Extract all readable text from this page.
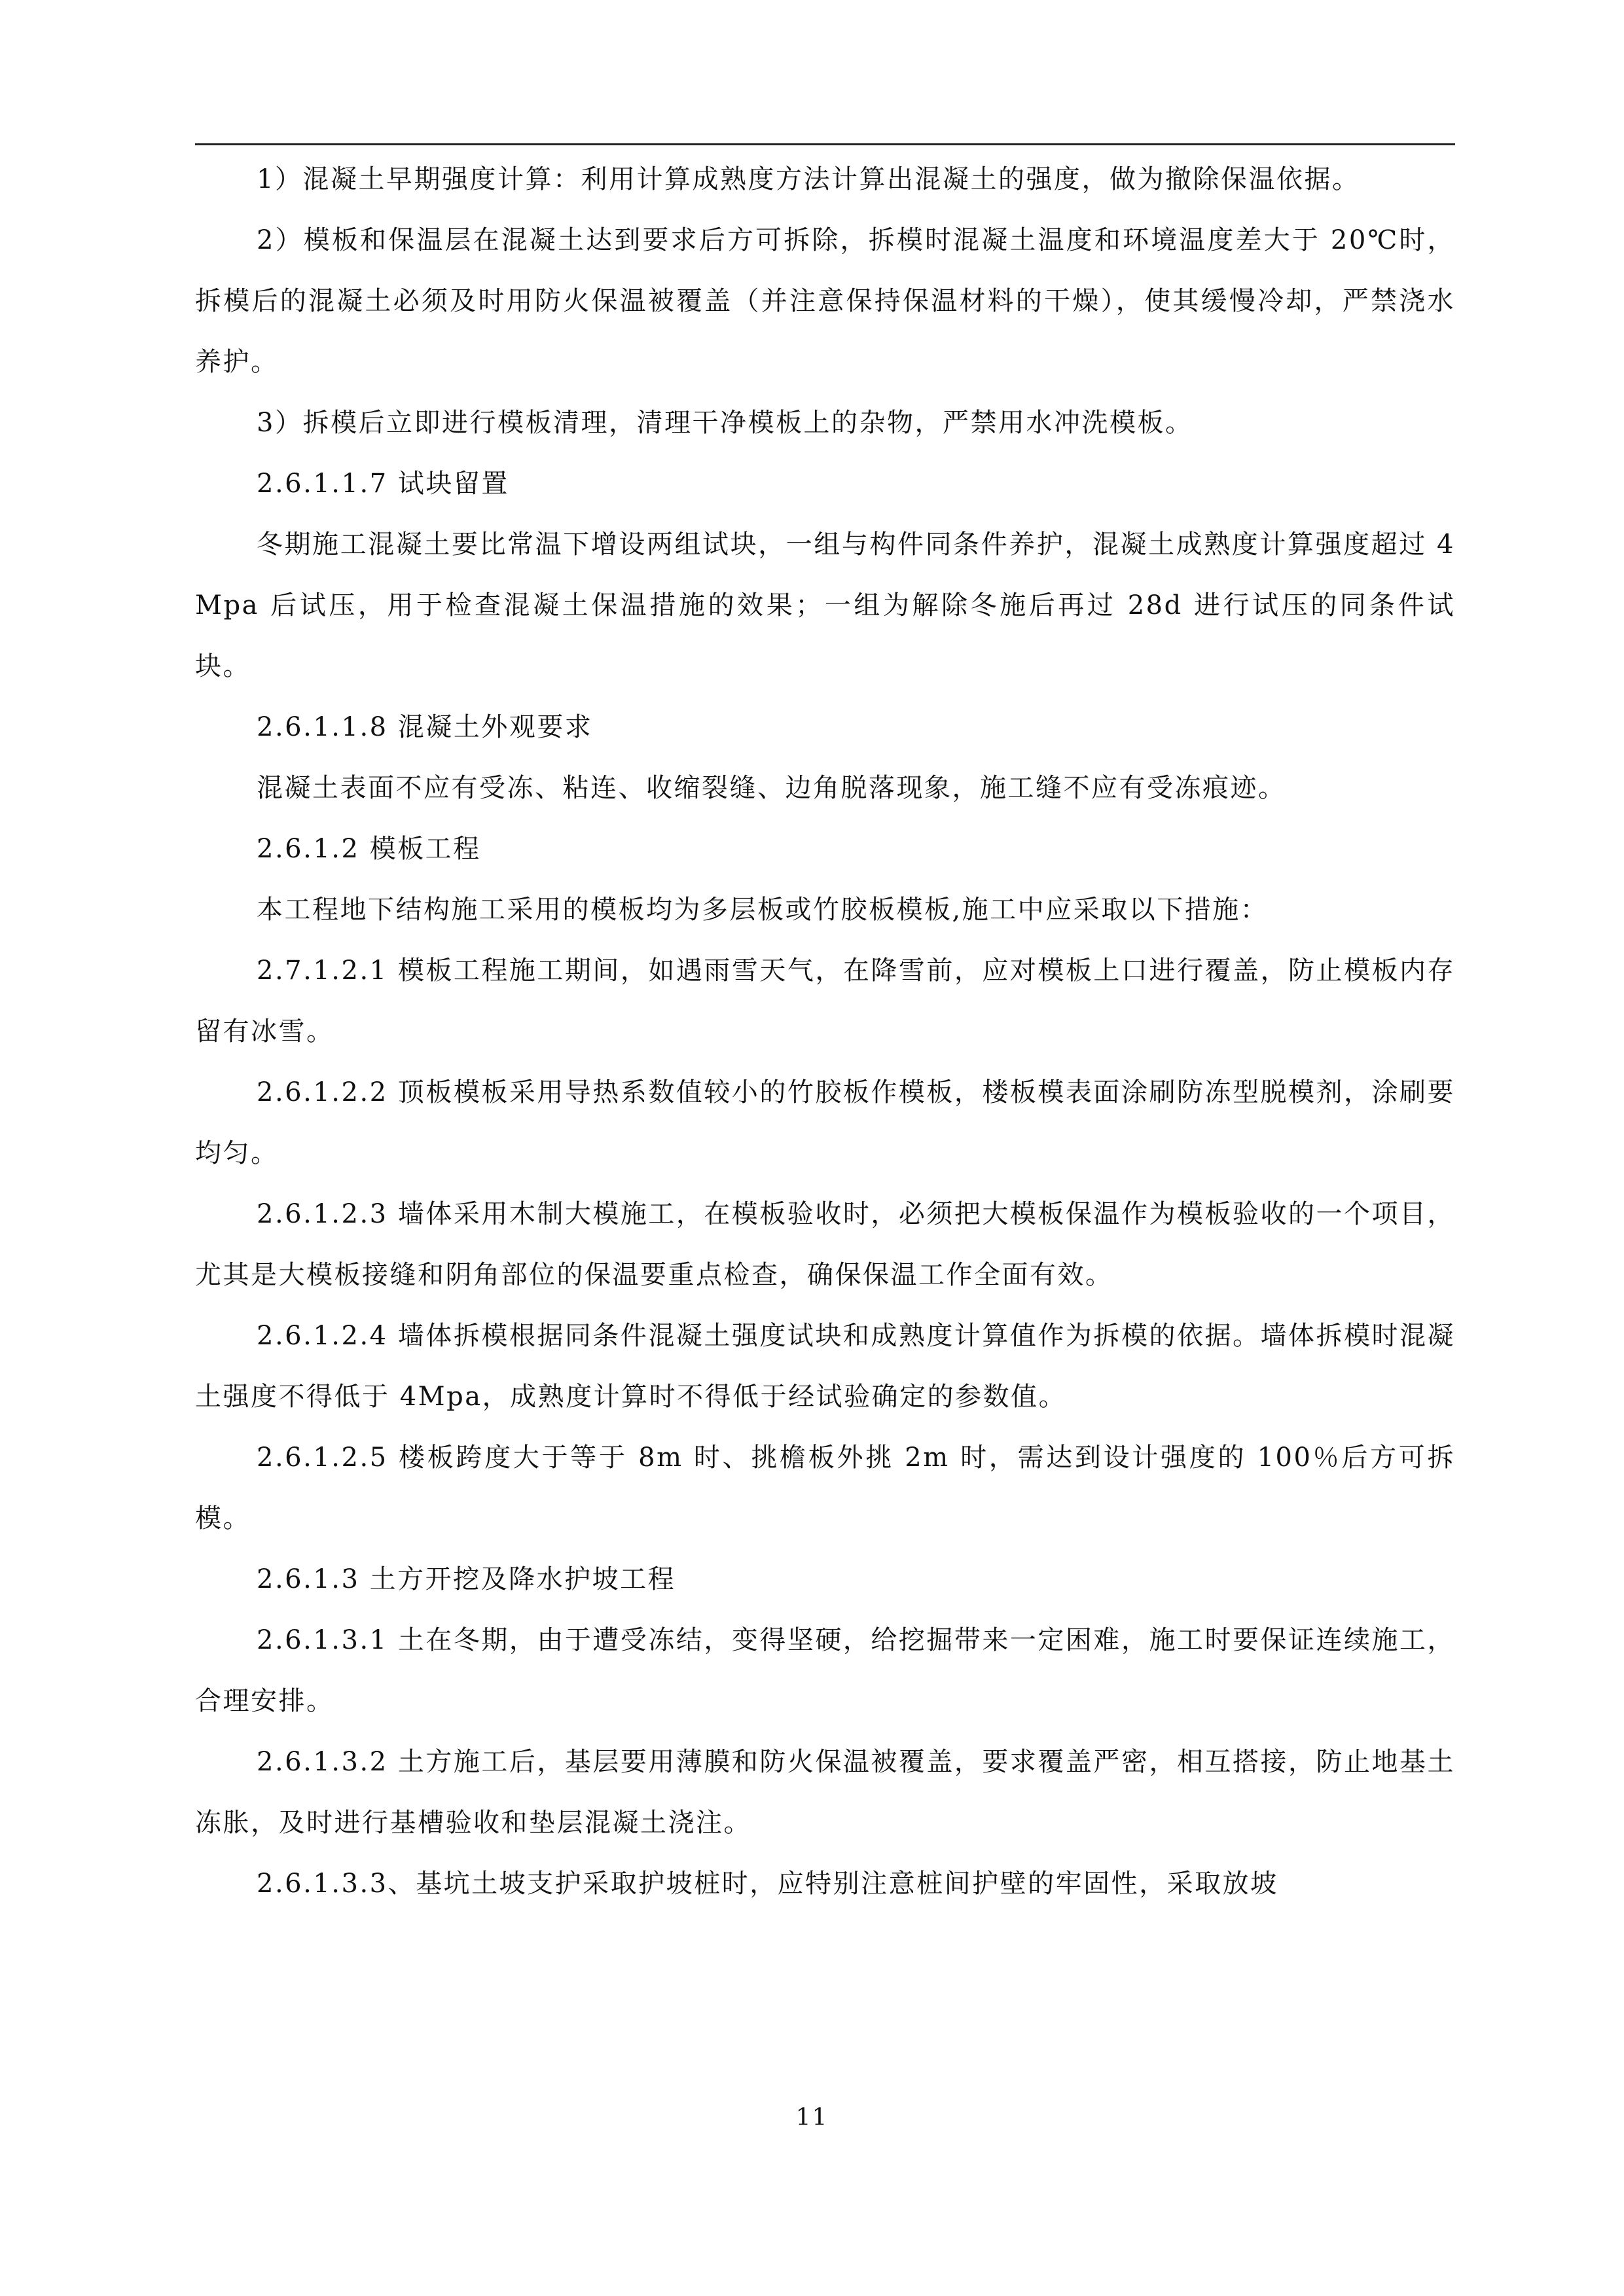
1）混凝土早期强度计算：利用计算成熟度方法计算出混凝土的强度，做为撤除保温依据。

2）模板和保温层在混凝土达到要求后方可拆除，拆模时混凝土温度和环境温度差大于 20℃时，拆模后的混凝土必须及时用防火保温被覆盖（并注意保持保温材料的干燥），使其缓慢冷却，严禁浇水养护。

3）拆模后立即进行模板清理，清理干净模板上的杂物，严禁用水冲洗模板。

2.6.1.1.7 试块留置

冬期施工混凝土要比常温下增设两组试块，一组与构件同条件养护，混凝土成熟度计算强度超过 4Mpa 后试压，用于检查混凝土保温措施的效果；一组为解除冬施后再过 28d 进行试压的同条件试块。

2.6.1.1.8 混凝土外观要求

混凝土表面不应有受冻、粘连、收缩裂缝、边角脱落现象，施工缝不应有受冻痕迹。

2.6.1.2 模板工程

本工程地下结构施工采用的模板均为多层板或竹胶板模板,施工中应采取以下措施：

2.7.1.2.1 模板工程施工期间，如遇雨雪天气，在降雪前，应对模板上口进行覆盖，防止模板内存留有冰雪。

2.6.1.2.2 顶板模板采用导热系数值较小的竹胶板作模板，楼板模表面涂刷防冻型脱模剂，涂刷要均匀。

2.6.1.2.3 墙体采用木制大模施工，在模板验收时，必须把大模板保温作为模板验收的一个项目，尤其是大模板接缝和阴角部位的保温要重点检查，确保保温工作全面有效。

2.6.1.2.4 墙体拆模根据同条件混凝土强度试块和成熟度计算值作为拆模的依据。墙体拆模时混凝土强度不得低于 4Mpa，成熟度计算时不得低于经试验确定的参数值。

2.6.1.2.5 楼板跨度大于等于 8m 时、挑檐板外挑 2m 时，需达到设计强度的 100％后方可拆模。

2.6.1.3 土方开挖及降水护坡工程

2.6.1.3.1 土在冬期，由于遭受冻结，变得坚硬，给挖掘带来一定困难，施工时要保证连续施工，合理安排。

2.6.1.3.2 土方施工后，基层要用薄膜和防火保温被覆盖，要求覆盖严密，相互搭接，防止地基土冻胀，及时进行基槽验收和垫层混凝土浇注。

2.6.1.3.3、基坑土坡支护采取护坡桩时，应特别注意桩间护壁的牢固性，采取放坡

11
